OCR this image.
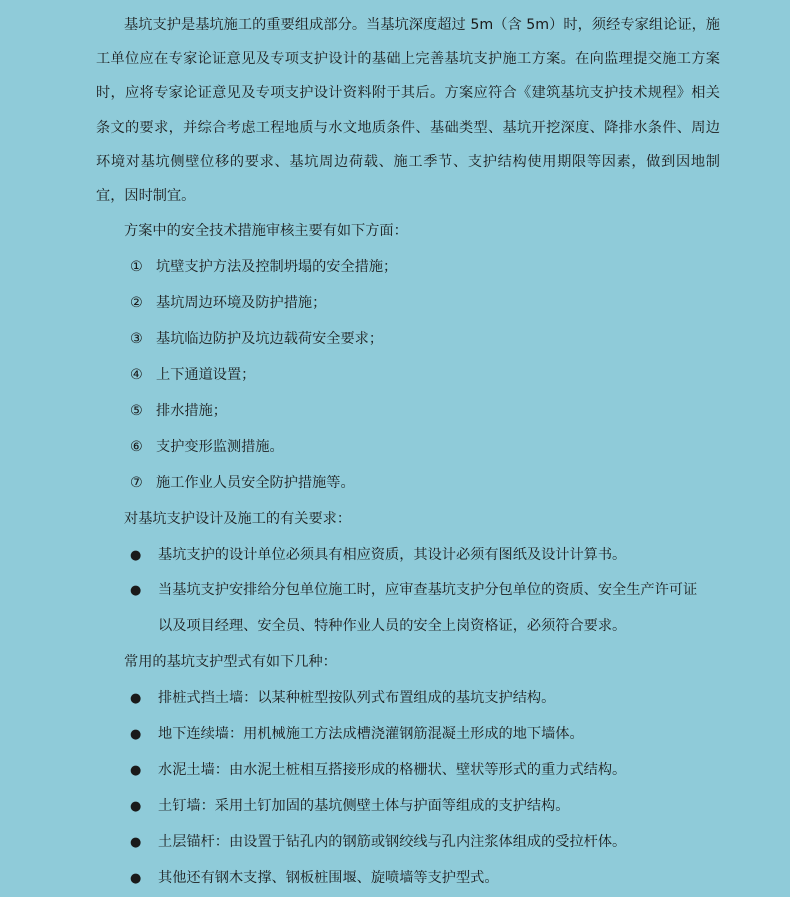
基坑支护是基坑施工的重要组成部分。当基坑深度超过 5m（含 5m）时，须经专家组论证，施工单位应在专家论证意见及专项支护设计的基础上完善基坑支护施工方案。在向监理提交施工方案时，应将专家论证意见及专项支护设计资料附于其后。方案应符合《建筑基坑支护技术规程》相关条文的要求，并综合考虑工程地质与水文地质条件、基础类型、基坑开挖深度、降排水条件、周边环境对基坑侧壁位移的要求、基坑周边荷载、施工季节、支护结构使用期限等因素，做到因地制宜，因时制宜。

方案中的安全技术措施审核主要有如下方面：
① 坑壁支护方法及控制坍塌的安全措施；
② 基坑周边环境及防护措施；
③ 基坑临边防护及坑边载荷安全要求；
④ 上下通道设置；
⑤ 排水措施；
⑥ 支护变形监测措施。
⑦ 施工作业人员安全防护措施等。
对基坑支护设计及施工的有关要求：
● 基坑支护的设计单位必须具有相应资质，其设计必须有图纸及设计计算书。

● 当基坑支护安排给分包单位施工时，应审查基坑支护分包单位的资质、安全生产许可证以及项目经理、安全员、特种作业人员的安全上岗资格证，必须符合要求。

常用的基坑支护型式有如下几种：
● 排桩式挡土墙：以某种桩型按队列式布置组成的基坑支护结构。
● 地下连续墙：用机械施工方法成槽浇灌钢筋混凝土形成的地下墙体。
● 水泥土墙：由水泥土桩相互搭接形成的格栅状、壁状等形式的重力式结构。
● 土钉墙：采用土钉加固的基坑侧壁土体与护面等组成的支护结构。
● 土层锚杆：由设置于钻孔内的钢筋或钢绞线与孔内注浆体组成的受拉杆体。
● 其他还有钢木支撑、钢板桩围堰、旋喷墙等支护型式。
